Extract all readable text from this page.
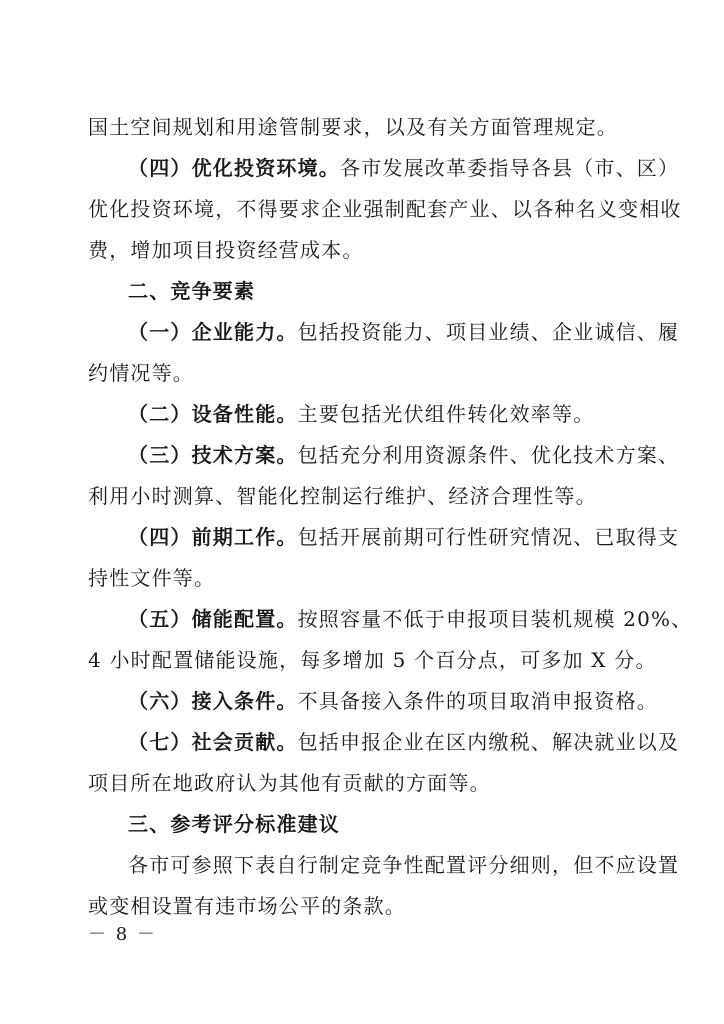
国土空间规划和用途管制要求，以及有关方面管理规定。
（四）优化投资环境。各市发展改革委指导各县（市、区）
优化投资环境，不得要求企业强制配套产业、以各种名义变相收
费，增加项目投资经营成本。
二、竞争要素
（一）企业能力。包括投资能力、项目业绩、企业诚信、履
约情况等。
（二）设备性能。主要包括光伏组件转化效率等。
（三）技术方案。包括充分利用资源条件、优化技术方案、
利用小时测算、智能化控制运行维护、经济合理性等。
（四）前期工作。包括开展前期可行性研究情况、已取得支
持性文件等。
（五）储能配置。按照容量不低于申报项目装机规模 20%、
4 小时配置储能设施，每多增加 5 个百分点，可多加 X 分。
（六）接入条件。不具备接入条件的项目取消申报资格。
（七）社会贡献。包括申报企业在区内缴税、解决就业以及
项目所在地政府认为其他有贡献的方面等。
三、参考评分标准建议
各市可参照下表自行制定竞争性配置评分细则，但不应设置
或变相设置有违市场公平的条款。
－ 8 －
